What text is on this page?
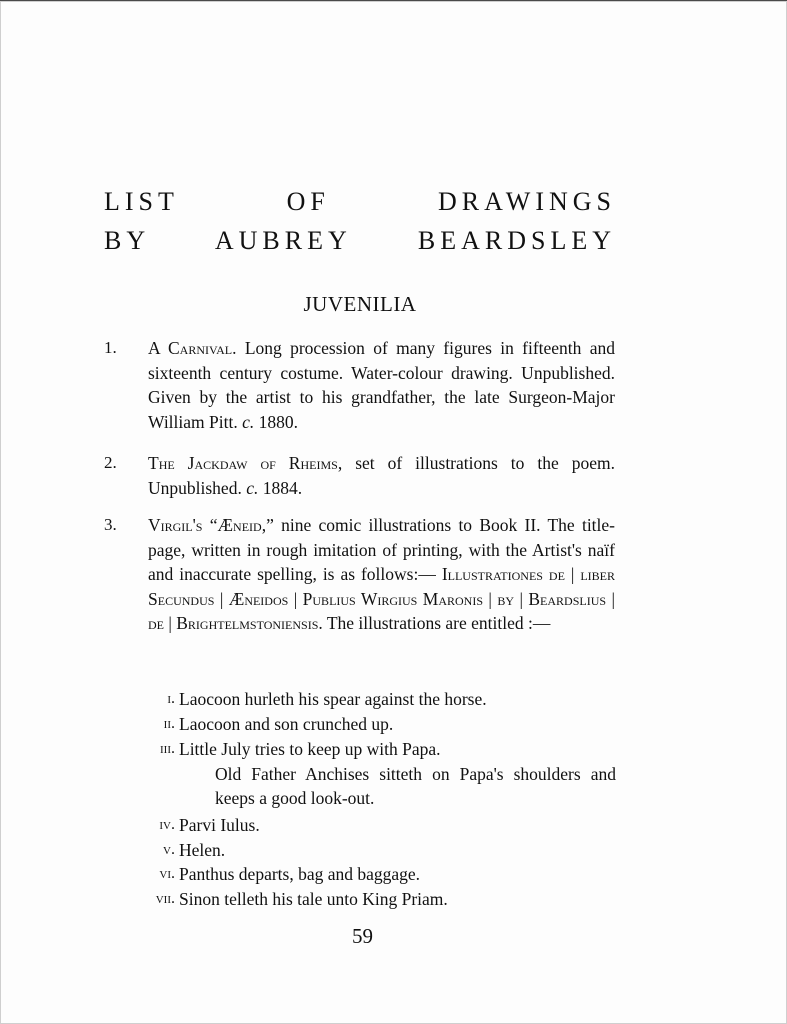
LIST OF DRAWINGS
BY AUBREY BEARDSLEY
JUVENILIA
1.	A Carnival. Long procession of many figures in fifteenth and sixteenth century costume. Water-colour drawing. Unpublished. Given by the artist to his grandfather, the late Surgeon-Major William Pitt. c. 1880.
2.	The Jackdaw of Rheims, set of illustrations to the poem. Unpublished. c. 1884.
3.	Virgil's “Æneid,” nine comic illustrations to Book II. The title-page, written in rough imitation of printing, with the Artist's naïf and inaccurate spelling, is as follows:— Illustrationes de | liber Secundus | Æneidos | Publius Wirgius Maronis | by | Beardslius | de | Brightelmstoniensis. The illustrations are entitled :—
i. Laocoon hurleth his spear against the horse.
ii. Laocoon and son crunched up.
iii. Little July tries to keep up with Papa.
Old Father Anchises sitteth on Papa's shoulders and keeps a good look-out.
iv. Parvi Iulus.
v. Helen.
vi. Panthus departs, bag and baggage.
vii. Sinon telleth his tale unto King Priam.
59
